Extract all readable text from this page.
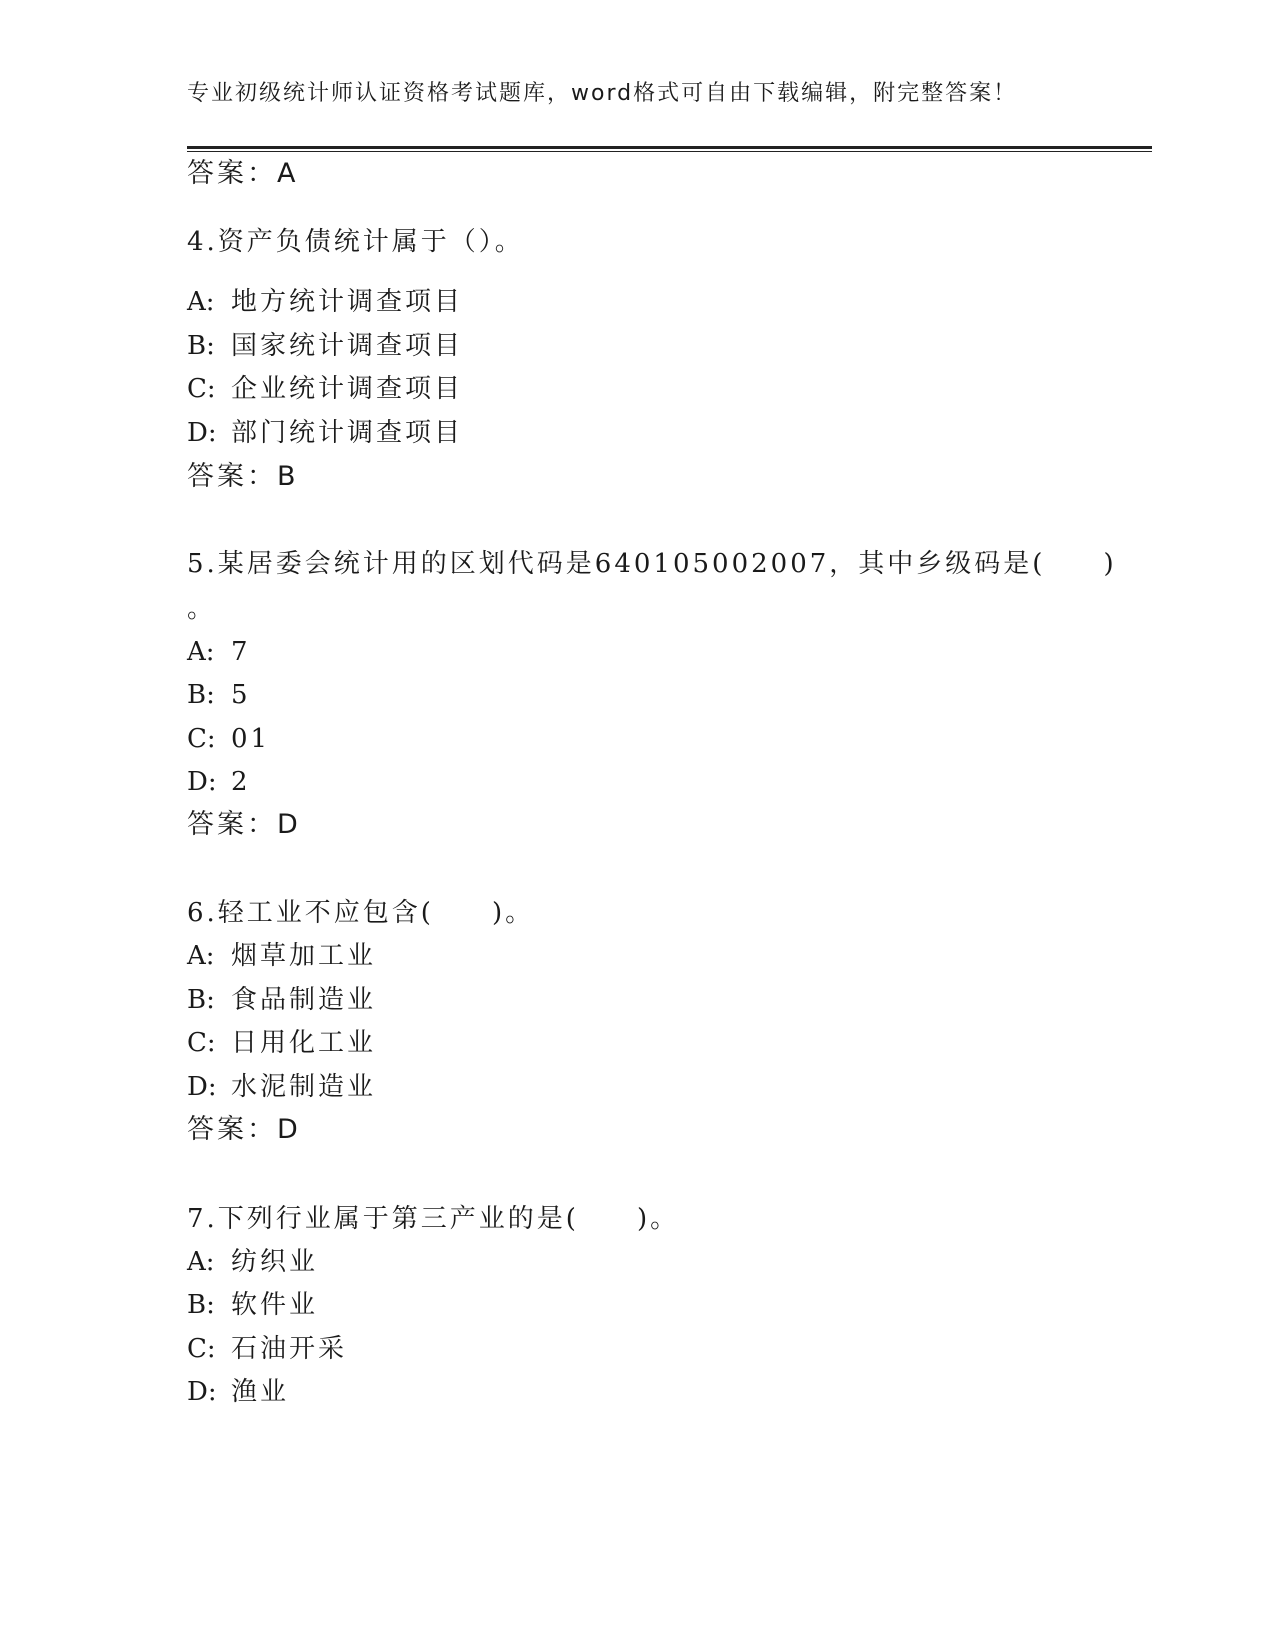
专业初级统计师认证资格考试题库，word格式可自由下载编辑，附完整答案！
答案：A
4.资产负债统计属于（）。
A: 地方统计调查项目
B: 国家统计调查项目
C: 企业统计调查项目
D: 部门统计调查项目
答案：B
5.某居委会统计用的区划代码是640105002007，其中乡级码是(　　)
。
A: 7
B: 5
C: 01
D: 2
答案：D
6.轻工业不应包含(　　)。
A: 烟草加工业
B: 食品制造业
C: 日用化工业
D: 水泥制造业
答案：D
7.下列行业属于第三产业的是(　　)。
A: 纺织业
B: 软件业
C: 石油开采
D: 渔业
